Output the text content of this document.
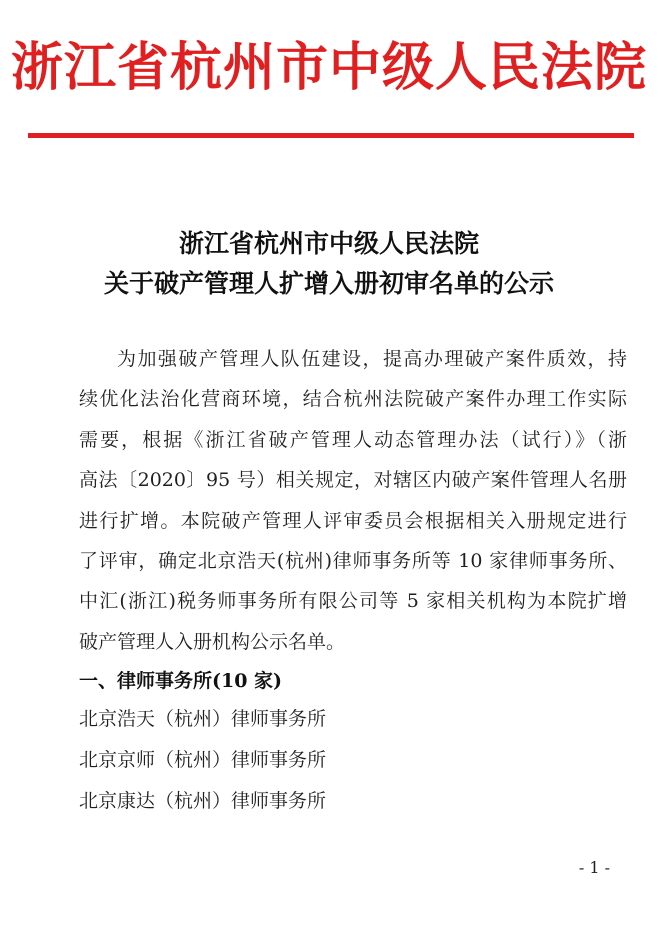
浙江省杭州市中级人民法院
浙江省杭州市中级人民法院
关于破产管理人扩增入册初审名单的公示

为加强破产管理人队伍建设，提高办理破产案件质效，持

续优化法治化营商环境，结合杭州法院破产案件办理工作实际

需要，根据《浙江省破产管理人动态管理办法（试行）》（浙

高法〔2020〕95 号）相关规定，对辖区内破产案件管理人名册

进行扩增。本院破产管理人评审委员会根据相关入册规定进行

了评审，确定北京浩天(杭州)律师事务所等 10 家律师事务所、

中汇(浙江)税务师事务所有限公司等 5 家相关机构为本院扩增

破产管理人入册机构公示名单。

一、律师事务所(10 家)
北京浩天（杭州）律师事务所
北京京师（杭州）律师事务所
北京康达（杭州）律师事务所
- 1 -
